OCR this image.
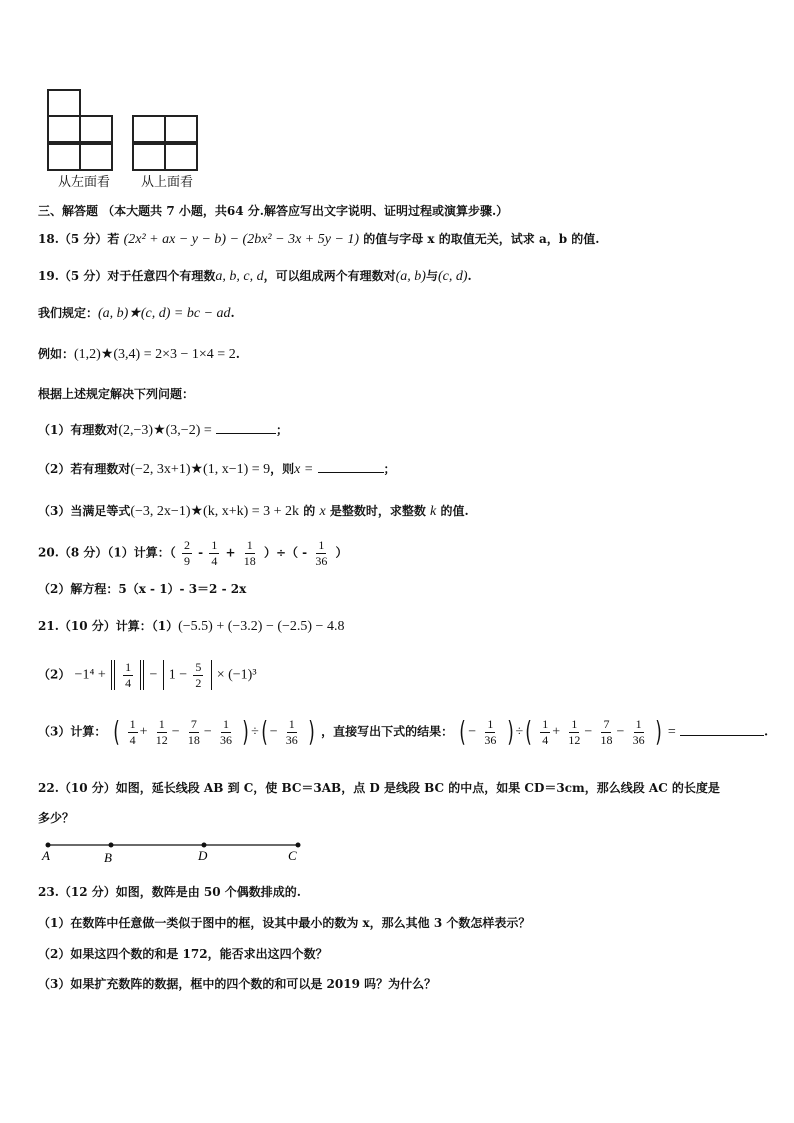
从左面看 从上面看
三、解答题 （本大题共 7 小题，共64 分.解答应写出文字说明、证明过程或演算步骤.）
18.（5 分）若 (2x² + ax − y − b) − (2bx² − 3x + 5y − 1) 的值与字母 x 的取值无关，试求 a，b 的值.
19.（5 分）对于任意四个有理数a, b, c, d，可以组成两个有理数对(a, b)与(c, d).
我们规定：(a, b)★(c, d) = bc − ad.
例如：(1,2)★(3,4) = 2×3 − 1×4 = 2.
根据上述规定解决下列问题：
（1）有理数对(2,−3)★(3,−2) =	；
（2）若有理数对(−2, 3x+1)★(1, x−1) = 9，则x =	；
（3）当满足等式(−3, 2x−1)★(k, x+k) = 3 + 2k 的 x 是整数时，求整数 k 的值.
20.（8 分）（1）计算：（ $\frac{2}{9} - \frac{1}{4} + \frac{1}{18}$ ）÷（ - $\frac{1}{36}$ ）
（2）解方程：5（x - 1）- 3＝2 - 2x
21.（10 分）计算：（1）(−5.5) + (−3.2) − (−2.5) − 4.8
$(2) -1^4 + \frac{1}{4} - 1 - \frac{5}{2} \times (-1)^3$
（3）计算： ( $\frac{1}{4} + \frac{1}{12} - \frac{7}{18} - \frac{1}{36}$ ) ÷( − $\frac{1}{36}$ ) ，直接写出下式的结果： ( − $\frac{1}{36}$ ) ÷( $\frac{1}{4} + \frac{1}{12} - \frac{7}{18} - \frac{1}{36}$ ) =	.
22.（10 分）如图，延长线段 AB 到 C，使 BC＝3AB，点 D 是线段 BC 的中点，如果 CD＝3cm，那么线段 AC 的长度是
多少？
A	B	D	C
23.（12 分）如图，数阵是由 50 个偶数排成的.
（1）在数阵中任意做一类似于图中的框，设其中最小的数为 x，那么其他 3 个数怎样表示？
（2）如果这四个数的和是 172，能否求出这四个数？
（3）如果扩充数阵的数据，框中的四个数的和可以是 2019 吗？为什么？
